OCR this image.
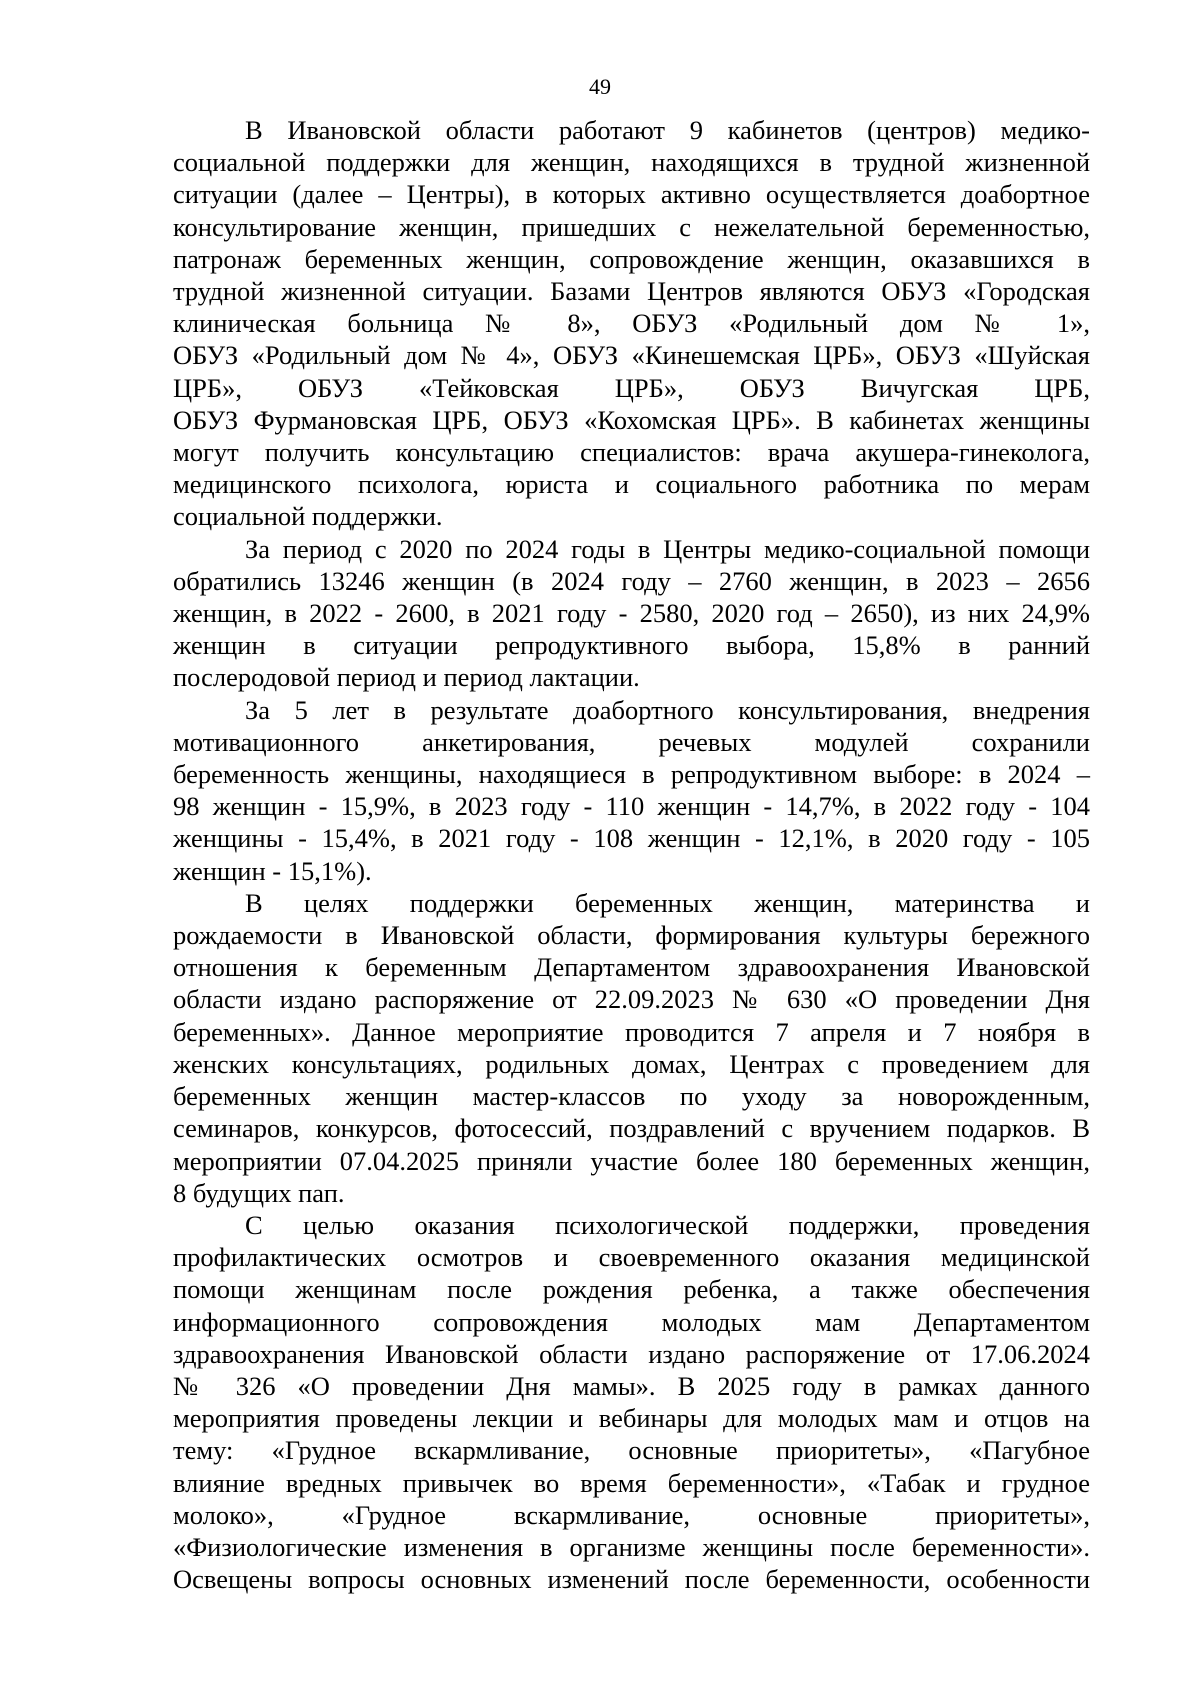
49
В Ивановской области работают 9 кабинетов (центров) медико-
социальной поддержки для женщин, находящихся в трудной жизненной
ситуации (далее – Центры), в которых активно осуществляется доабортное
консультирование женщин, пришедших с нежелательной беременностью,
патронаж беременных женщин, сопровождение женщин, оказавшихся в
трудной жизненной ситуации. Базами Центров являются ОБУЗ «Городская
клиническая больница № 8», ОБУЗ «Родильный дом № 1»,
ОБУЗ «Родильный дом № 4», ОБУЗ «Кинешемская ЦРБ», ОБУЗ «Шуйская
ЦРБ», ОБУЗ «Тейковская ЦРБ», ОБУЗ Вичугская ЦРБ,
ОБУЗ Фурмановская ЦРБ, ОБУЗ «Кохомская ЦРБ». В кабинетах женщины
могут получить консультацию специалистов: врача акушера-гинеколога,
медицинского психолога, юриста и социального работника по мерам
социальной поддержки.
За период с 2020 по 2024 годы в Центры медико-социальной помощи
обратились 13246 женщин (в 2024 году – 2760 женщин, в 2023 – 2656
женщин, в 2022 - 2600, в 2021 году - 2580, 2020 год – 2650), из них 24,9%
женщин в ситуации репродуктивного выбора, 15,8% в ранний
послеродовой период и период лактации.
За 5 лет в результате доабортного консультирования, внедрения
мотивационного анкетирования, речевых модулей сохранили
беременность женщины, находящиеся в репродуктивном выборе: в 2024 –
98 женщин - 15,9%, в 2023 году - 110 женщин - 14,7%, в 2022 году - 104
женщины - 15,4%, в 2021 году - 108 женщин - 12,1%, в 2020 году - 105
женщин - 15,1%).
В целях поддержки беременных женщин, материнства и
рождаемости в Ивановской области, формирования культуры бережного
отношения к беременным Департаментом здравоохранения Ивановской
области издано распоряжение от 22.09.2023 № 630 «О проведении Дня
беременных». Данное мероприятие проводится 7 апреля и 7 ноября в
женских консультациях, родильных домах, Центрах с проведением для
беременных женщин мастер-классов по уходу за новорожденным,
семинаров, конкурсов, фотосессий, поздравлений с вручением подарков. В
мероприятии 07.04.2025 приняли участие более 180 беременных женщин,
8 будущих пап.
С целью оказания психологической поддержки, проведения
профилактических осмотров и своевременного оказания медицинской
помощи женщинам после рождения ребенка, а также обеспечения
информационного сопровождения молодых мам Департаментом
здравоохранения Ивановской области издано распоряжение от 17.06.2024
№ 326 «О проведении Дня мамы». В 2025 году в рамках данного
мероприятия проведены лекции и вебинары для молодых мам и отцов на
тему: «Грудное вскармливание, основные приоритеты», «Пагубное
влияние вредных привычек во время беременности», «Табак и грудное
молоко», «Грудное вскармливание, основные приоритеты»,
«Физиологические изменения в организме женщины после беременности».
Освещены вопросы основных изменений после беременности, особенности
